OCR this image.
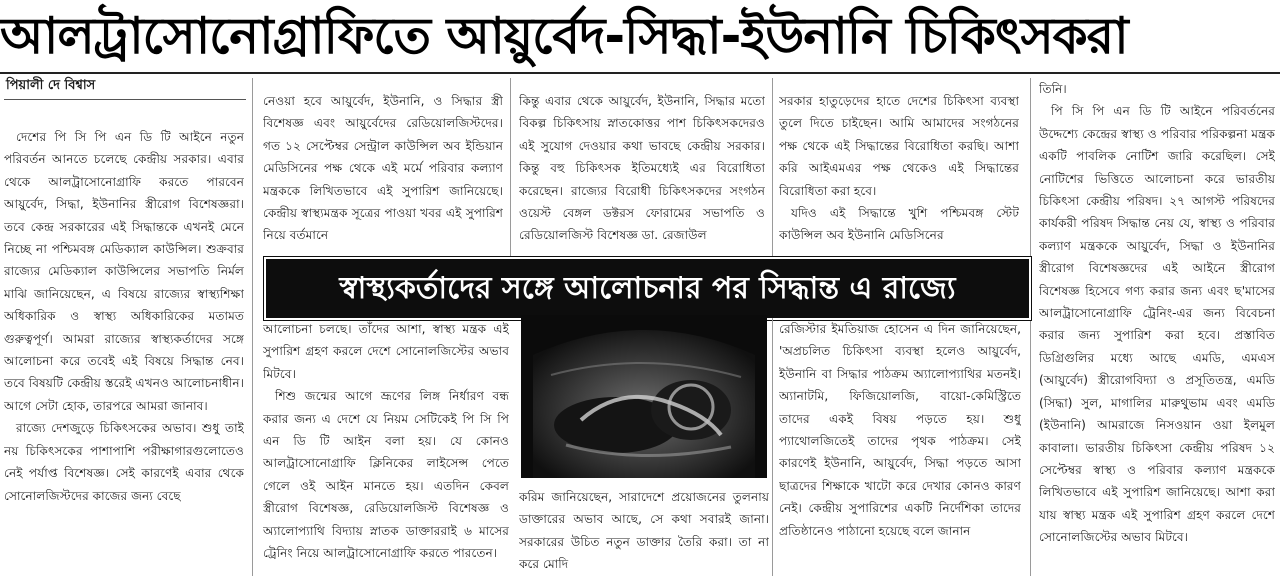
আলট্রাসোনোগ্রাফিতে আয়ুর্বেদ-সিদ্ধা-ইউনানি চিকিৎসকরা
পিয়ালী দে বিশ্বাস

দেশের পি সি পি এন ডি টি আইনে নতুন পরিবর্তন আনতে চলেছে কেন্দ্রীয় সরকার। এবার থেকে আলট্রাসোনোগ্রাফি করতে পারবেন আয়ুর্বেদ, সিদ্ধা, ইউনানির স্ত্রীরোগ বিশেষজ্ঞরা। তবে কেন্দ্র সরকারের এই সিদ্ধান্তকে এখনই মেনে নিচ্ছে না পশ্চিমবঙ্গ মেডিক্যাল কাউন্সিল। শুক্রবার রাজ্যের মেডিক্যাল কাউন্সিলের সভাপতি নির্মল মাঝি জানিয়েছেন, এ বিষয়ে রাজ্যের স্বাস্থ্যশিক্ষা অধিকারিক ও স্বাস্থ্য অধিকারিকের মতামত গুরুত্বপূর্ণ। আমরা রাজ্যের স্বাস্থ্যকর্তাদের সঙ্গে আলোচনা করে তবেই এই বিষয়ে সিদ্ধান্ত নেব। তবে বিষয়টি কেন্দ্রীয় স্তরেই এখনও আলোচনাধীন। আগে সেটা হোক, তারপরে আমরা জানাব।

রাজ্যে দেশজুড়ে চিকিৎসকের অভাব। শুধু তাই নয় চিকিৎসকের পাশাপাশি পরীক্ষাগারগুলোতেও নেই পর্যাপ্ত বিশেষজ্ঞ। সেই কারণেই এবার থেকে সোনোলজিস্টদের কাজের জন্য বেছে

নেওয়া হবে আয়ুর্বেদ, ইউনানি, ও সিদ্ধার স্ত্রী বিশেষজ্ঞ এবং আয়ুর্বেদের রেডিয়োলজিস্টদের। গত ১২ সেপ্টেম্বর সেন্ট্রাল কাউন্সিল অব ইন্ডিয়ান মেডিসিনের পক্ষ থেকে এই মর্মে পরিবার কল্যাণ মন্ত্রককে লিখিতভাবে এই সুপারিশ জানিয়েছে। কেন্দ্রীয় স্বাস্থ্যমন্ত্রক সূত্রের পাওয়া খবর এই সুপারিশ নিয়ে বর্তমানে

কিন্তু এবার থেকে আয়ুর্বেদ, ইউনানি, সিদ্ধার মতো বিকল্প চিকিৎসায় স্নাতকোত্তর পাশ চিকিৎসকদেরও এই সুযোগ দেওয়ার কথা ভাবছে কেন্দ্রীয় সরকার। কিন্তু বহু চিকিৎসক ইতিমধ্যেই এর বিরোধিতা করেছেন। রাজ্যের বিরোধী চিকিৎসকদের সংগঠন ওয়েস্ট বেঙ্গল ডক্টরস ফোরামের সভাপতি ও রেডিয়োলজিস্ট বিশেষজ্ঞ ডা. রেজাউল

সরকার হাতুড়েদের হাতে দেশের চিকিৎসা ব্যবস্থা তুলে দিতে চাইছেন। আমি আমাদের সংগঠনের পক্ষ থেকে এই সিদ্ধান্তের বিরোধিতা করছি। আশা করি আইএমএর পক্ষ থেকেও এই সিদ্ধান্তের বিরোধিতা করা হবে।

যদিও এই সিদ্ধান্তে খুশি পশ্চিমবঙ্গ স্টেট কাউন্সিল অব ইউনানি মেডিসিনের

স্বাস্থ্যকর্তাদের সঙ্গে আলোচনার পর সিদ্ধান্ত এ রাজ্যে

আলোচনা চলছে। তাঁদের আশা, স্বাস্থ্য মন্ত্রক এই সুপারিশ গ্রহণ করলে দেশে সোনোলজিস্টের অভাব মিটবে।

শিশু জন্মের আগে ভ্রূণের লিঙ্গ নির্ধারণ বন্ধ করার জন্য এ দেশে যে নিয়ম সেটিকেই পি সি পি এন ডি টি আইন বলা হয়। যে কোনও আলট্রাসোনোগ্রাফি ক্লিনিকের লাইসেন্স পেতে গেলে ওই আইন মানতে হয়। এতদিন কেবল স্ত্রীরোগ বিশেষজ্ঞ, রেডিয়োলজিস্ট বিশেষজ্ঞ ও অ্যালোপ্যাথি বিদ্যায় স্নাতক ডাক্তাররাই ৬ মাসের ট্রেনিং নিয়ে আলট্রাসোনোগ্রাফি করতে পারতেন।

করিম জানিয়েছেন, সারাদেশে প্রয়োজনের তুলনায় ডাক্তারের অভাব আছে, সে কথা সবারই জানা। সরকারের উচিত নতুন ডাক্তার তৈরি করা। তা না করে মোদি

রেজিস্টার ইমতিয়াজ হোসেন এ দিন জানিয়েছেন, 'অপ্রচলিত চিকিৎসা ব্যবস্থা হলেও আয়ুর্বেদ, ইউনানি বা সিদ্ধার পাঠক্রম অ্যালোপ্যাথির মতনই। অ্যানাটমি, ফিজিয়োলজি, বায়ো-কেমিস্ট্রিতে তাদের একই বিষয় পড়তে হয়। শুধু প্যাথোলজিতেই তাদের পৃথক পাঠক্রম। সেই কারণেই ইউনানি, আয়ুর্বেদ, সিদ্ধা পড়তে আসা ছাত্রদের শিক্ষাকে খাটো করে দেখার কোনও কারণ নেই। কেন্দ্রীয় সুপারিশের একটি নির্দেশিকা তাদের প্রতিষ্ঠানেও পাঠানো হয়েছে বলে জানান

তিনি।

পি সি পি এন ডি টি আইনে পরিবর্তনের উদ্দেশ্যে কেন্দ্রের স্বাস্থ্য ও পরিবার পরিকল্পনা মন্ত্রক একটি পাবলিক নোটিশ জারি করেছিল। সেই নোটিশের ভিত্তিতে আলোচনা করে ভারতীয় চিকিৎসা কেন্দ্রীয় পরিষদ। ২৭ আগস্ট পরিষদের কার্যকরী পরিষদ সিদ্ধান্ত নেয় যে, স্বাস্থ্য ও পরিবার কল্যাণ মন্ত্রককে আয়ুর্বেদ, সিদ্ধা ও ইউনানির স্ত্রীরোগ বিশেষজ্ঞদের এই আইনে স্ত্রীরোগ বিশেষজ্ঞ হিসেবে গণ্য করার জন্য এবং ছ'মাসের আলট্রাসোনোগ্রাফি ট্রেনিং-এর জন্য বিবেচনা করার জন্য সুপারিশ করা হবে। প্রস্তাবিত ডিগ্রিগুলির মধ্যে আছে এমডি, এমএস (আয়ুর্বেদ) স্ত্রীরোগবিদ্যা ও প্রসূতিতন্ত্র, এমডি (সিদ্ধা) সুল, মাগালির মারুথুভাম এবং এমডি (ইউনানি) আমরাজে নিসওয়ান ওয়া ইলমুল কাবালা। ভারতীয় চিকিৎসা কেন্দ্রীয় পরিষদ ১২ সেপ্টেম্বর স্বাস্থ্য ও পরিবার কল্যাণ মন্ত্রককে লিখিতভাবে এই সুপারিশ জানিয়েছে। আশা করা যায় স্বাস্থ্য মন্ত্রক এই সুপারিশ গ্রহণ করলে দেশে সোনোলজিস্টের অভাব মিটবে।
